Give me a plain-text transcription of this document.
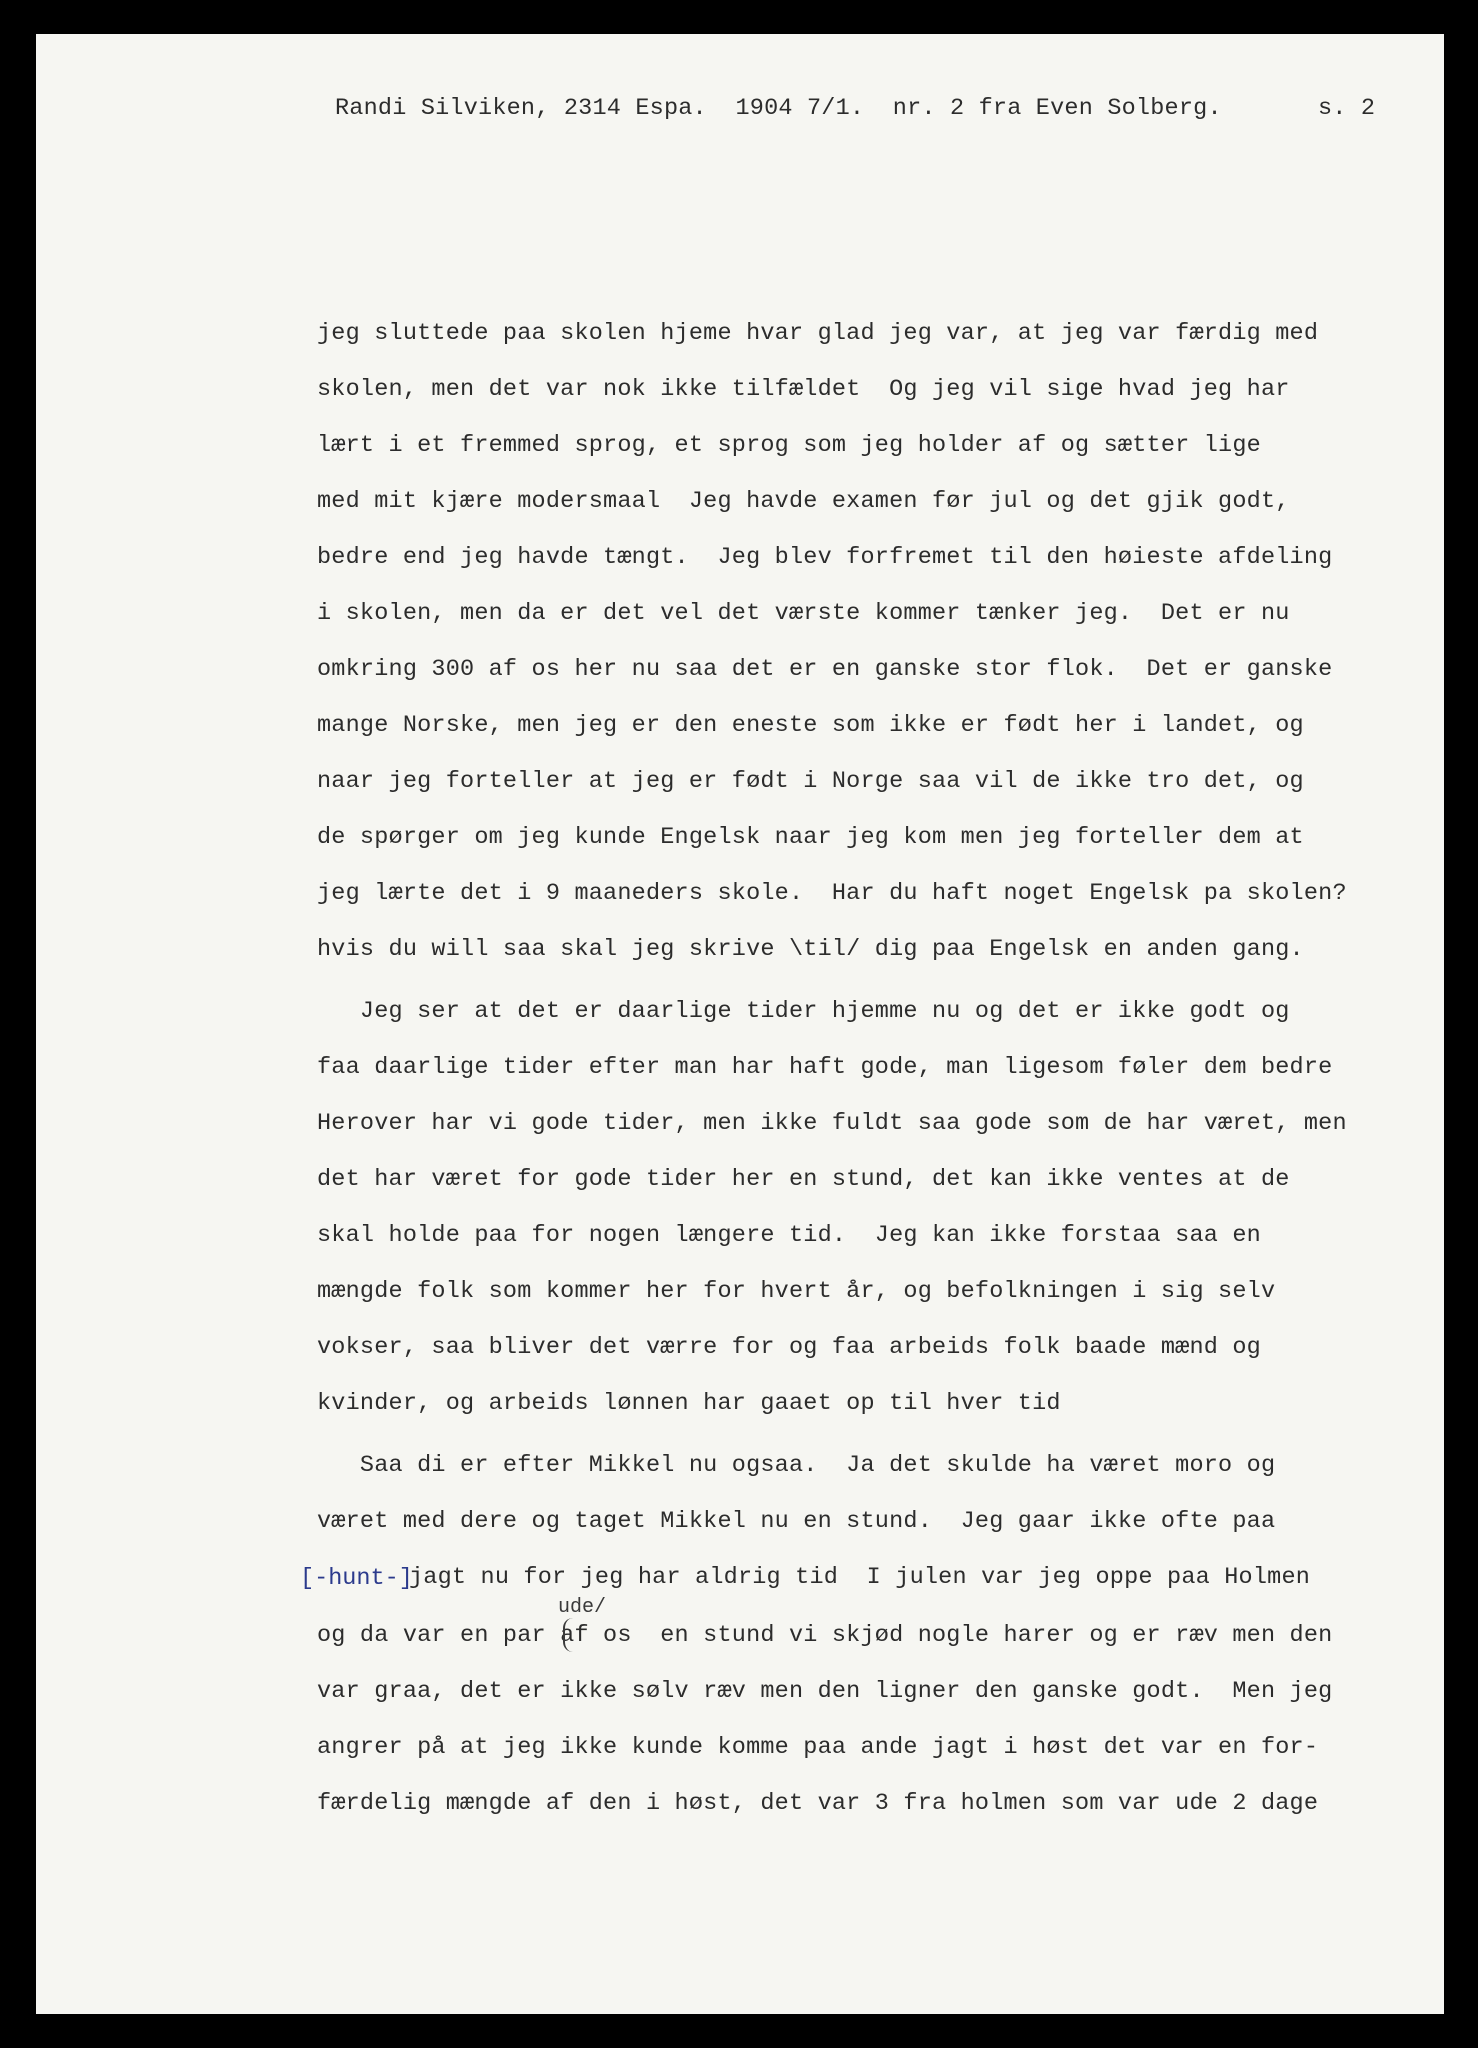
Randi Silviken, 2314 Espa.  1904 7/1.  nr. 2 fra Even Solberg.	s. 2
jeg sluttede paa skolen hjeme hvar glad jeg var, at jeg var færdig med
skolen, men det var nok ikke tilfældet  Og jeg vil sige hvad jeg har
lært i et fremmed sprog, et sprog som jeg holder af og sætter lige
med mit kjære modersmaal  Jeg havde examen før jul og det gjik godt,
bedre end jeg havde tængt.  Jeg blev forfremet til den høieste afdeling
i skolen, men da er det vel det værste kommer tænker jeg.  Det er nu
omkring 300 af os her nu saa det er en ganske stor flok.  Det er ganske
mange Norske, men jeg er den eneste som ikke er født her i landet, og
naar jeg forteller at jeg er født i Norge saa vil de ikke tro det, og
de spørger om jeg kunde Engelsk naar jeg kom men jeg forteller dem at
jeg lærte det i 9 maaneders skole.  Har du haft noget Engelsk pa skolen?
hvis du will saa skal jeg skrive \til/ dig paa Engelsk en anden gang.
Jeg ser at det er daarlige tider hjemme nu og det er ikke godt og
faa daarlige tider efter man har haft gode, man ligesom føler dem bedre
Herover har vi gode tider, men ikke fuldt saa gode som de har været, men
det har været for gode tider her en stund, det kan ikke ventes at de
skal holde paa for nogen længere tid.  Jeg kan ikke forstaa saa en
mængde folk som kommer her for hvert år, og befolkningen i sig selv
vokser, saa bliver det værre for og faa arbeids folk baade mænd og
kvinder, og arbeids lønnen har gaaet op til hver tid
Saa di er efter Mikkel nu ogsaa.  Ja det skulde ha været moro og
været med dere og taget Mikkel nu en stund.  Jeg gaar ikke ofte paa
jagt nu for jeg har aldrig tid  I julen var jeg oppe paa Holmen
og da var en par af os  en stund vi skjød nogle harer og er ræv men den
var graa, det er ikke sølv ræv men den ligner den ganske godt.  Men jeg
angrer på at jeg ikke kunde komme paa ande jagt i høst det var en for-
færdelig mængde af den i høst, det var 3 fra holmen som var ude 2 dage
[-hunt-]
ude/
